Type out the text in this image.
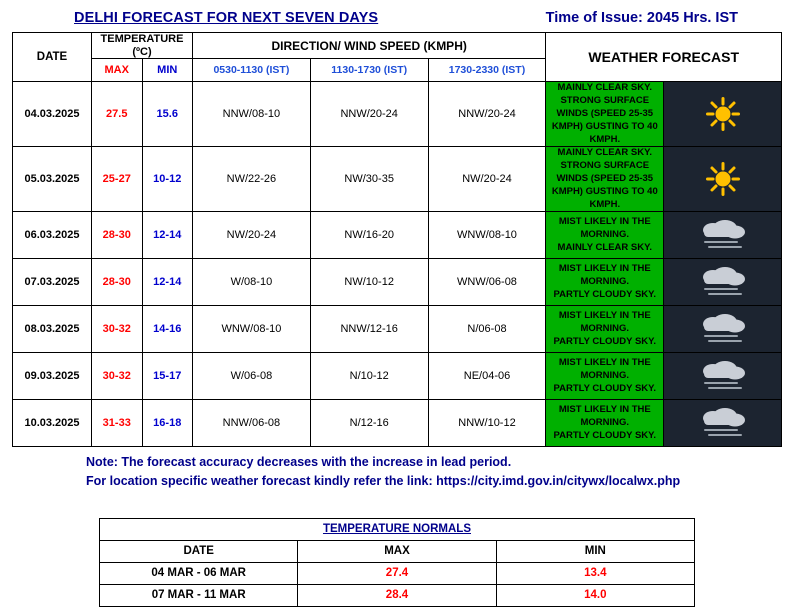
DELHI FORECAST FOR NEXT SEVEN DAYS	Time of Issue: 2045 Hrs. IST
DATE	TEMPERATURE (ºC)		DIRECTION/ WIND SPEED (KMPH)			WEATHER FORECAST	
	MAX	MIN	0530-1130 (IST)	1130-1730 (IST)	1730-2330 (IST)		
04.03.2025	27.5	15.6	NNW/08-10	NNW/20-24	NNW/20-24	MAINLY CLEAR SKY.
STRONG SURFACE WINDS (SPEED 25-35 KMPH) GUSTING TO 40 KMPH.

05.03.2025	25-27	10-12	NW/22-26	NW/30-35	NW/20-24	MAINLY CLEAR SKY.
STRONG SURFACE WINDS (SPEED 25-35 KMPH) GUSTING TO 40 KMPH.

06.03.2025	28-30	12-14	NW/20-24	NW/16-20	WNW/08-10	MIST LIKELY IN THE MORNING.
MAINLY CLEAR SKY.

07.03.2025	28-30	12-14	W/08-10	NW/10-12	WNW/06-08	MIST LIKELY IN THE MORNING.
PARTLY CLOUDY SKY.

08.03.2025	30-32	14-16	WNW/08-10	NNW/12-16	N/06-08	MIST LIKELY IN THE MORNING.
PARTLY CLOUDY SKY.

09.03.2025	30-32	15-17	W/06-08	N/10-12	NE/04-06	MIST LIKELY IN THE MORNING.
PARTLY CLOUDY SKY.

10.03.2025	31-33	16-18	NNW/06-08	N/12-16	NNW/10-12	MIST LIKELY IN THE MORNING.
PARTLY CLOUDY SKY.

Note: The forecast accuracy decreases with the increase in lead period.
For location specific weather forecast kindly refer the link: https://city.imd.gov.in/citywx/localwx.php
TEMPERATURE NORMALS		
DATE	MAX	MIN
04 MAR - 06 MAR	27.4	13.4
07 MAR - 11 MAR	28.4	14.0
